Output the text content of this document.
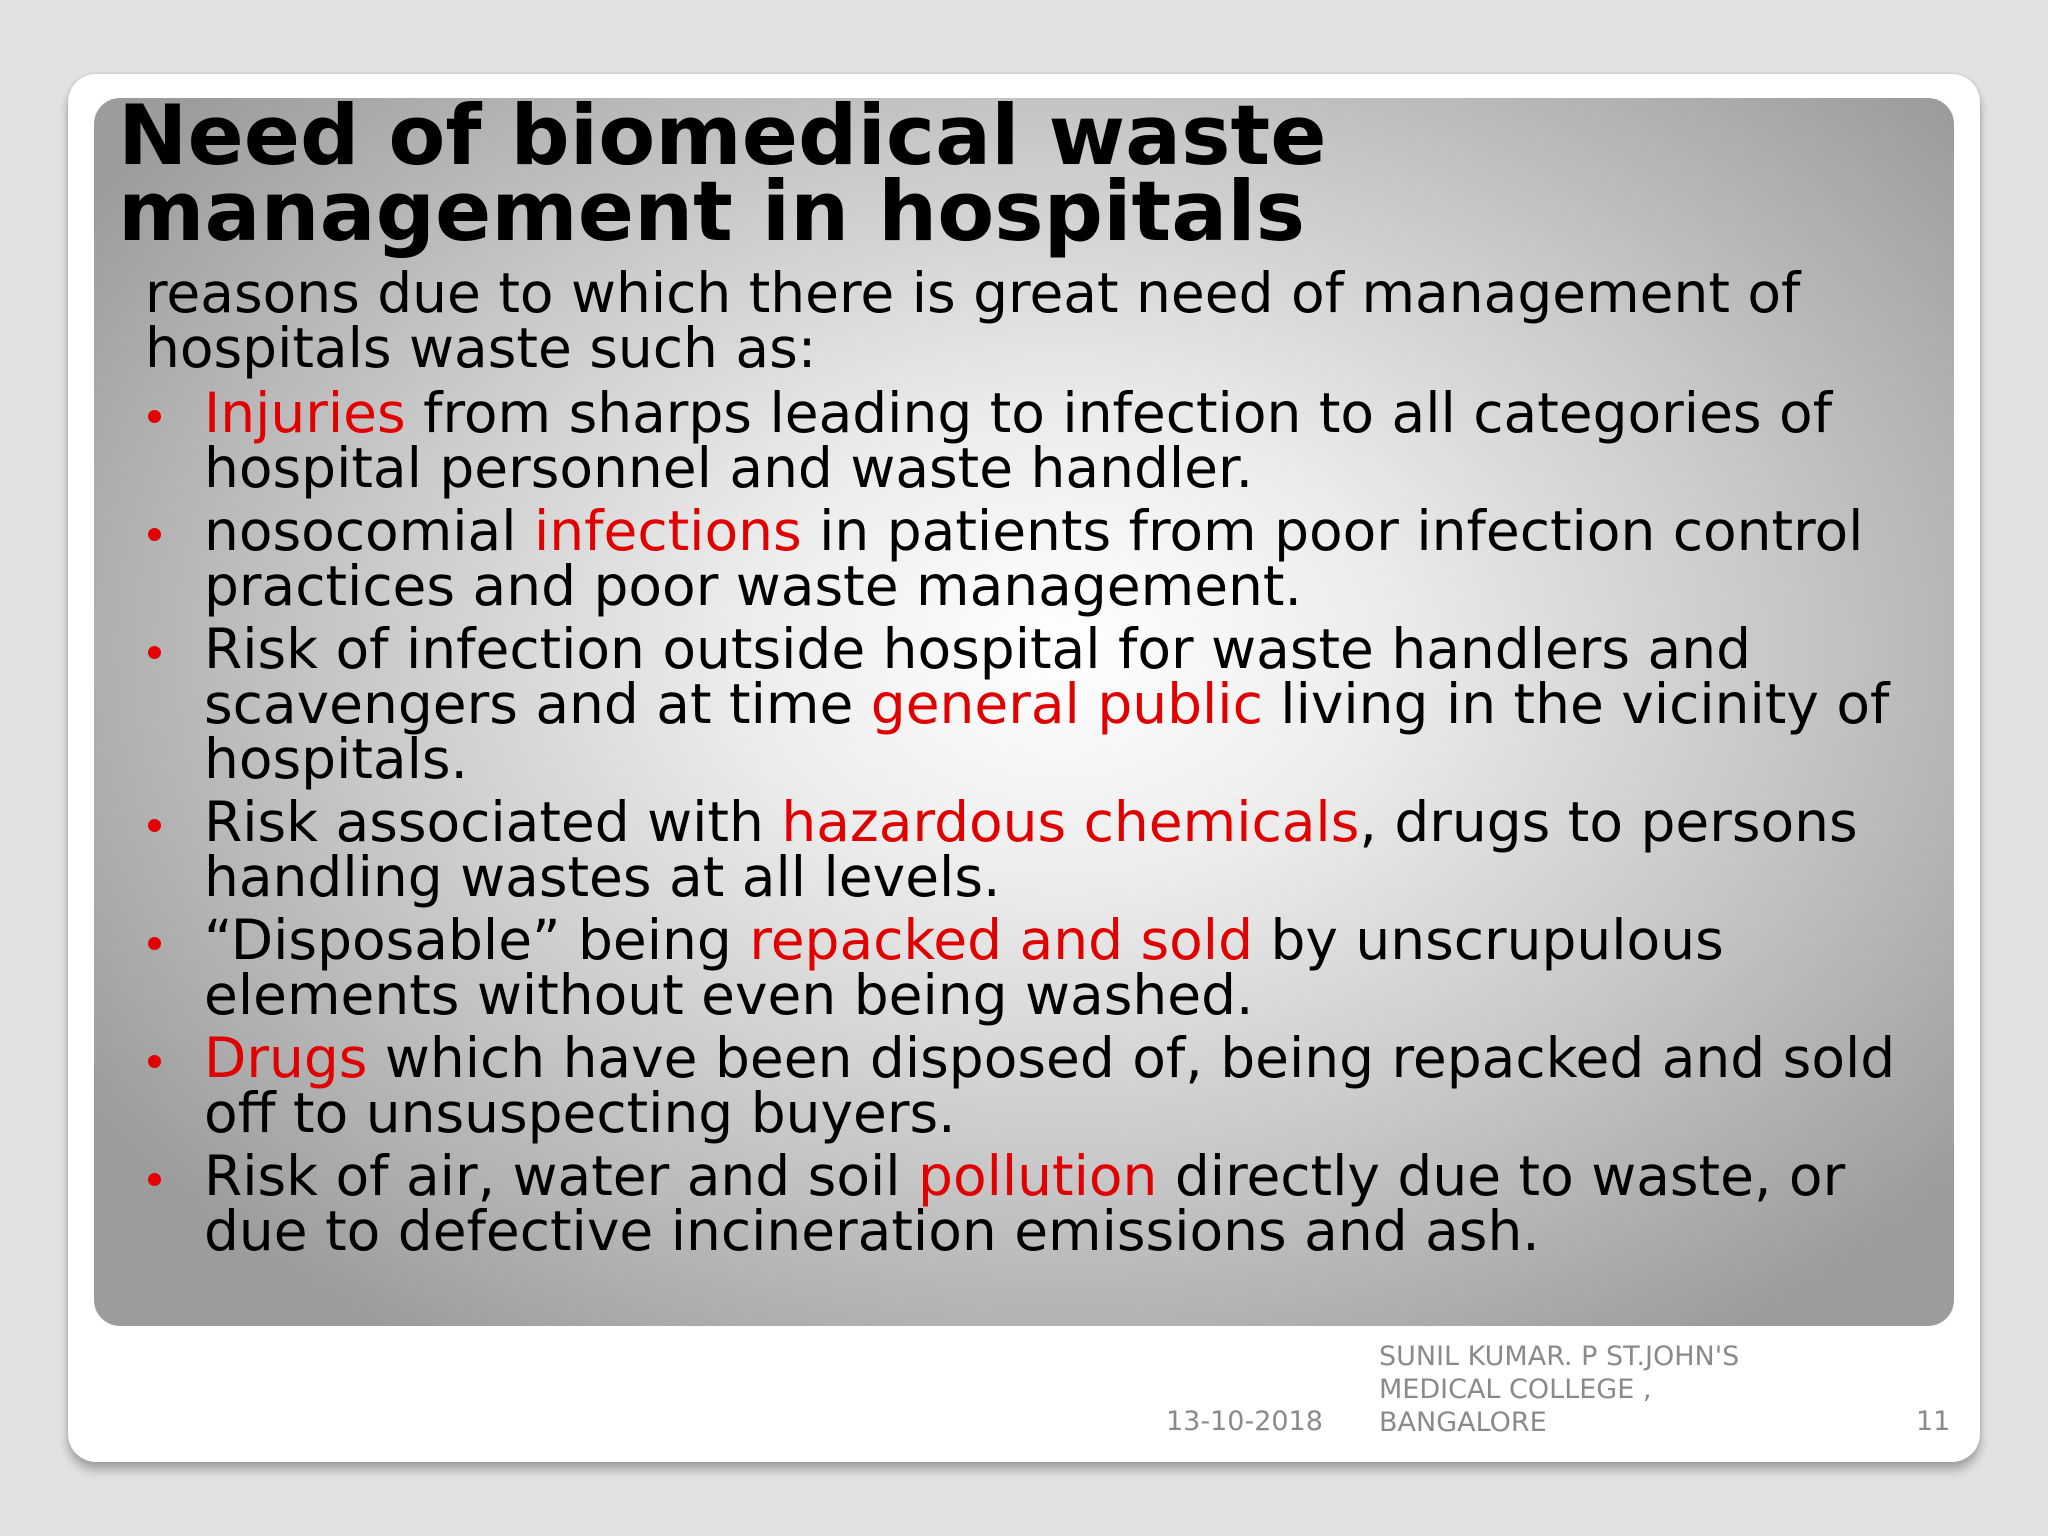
Need of biomedical waste management in hospitals

reasons due to which there is great need of management of hospitals waste such as:

Injuries from sharps leading to infection to all categories of hospital personnel and waste handler.
nosocomial infections in patients from poor infection control practices and poor waste management.
Risk of infection outside hospital for waste handlers and scavengers and at time general public living in the vicinity of hospitals.
Risk associated with hazardous chemicals, drugs to persons handling wastes at all levels.
“Disposable” being repacked and sold by unscrupulous elements without even being washed.
Drugs which have been disposed of, being repacked and sold off to unsuspecting buyers.
Risk of air, water and soil pollution directly due to waste, or due to defective incineration emissions and ash.
13-10-2018
SUNIL KUMAR. P ST.JOHN'S MEDICAL COLLEGE , BANGALORE	11
